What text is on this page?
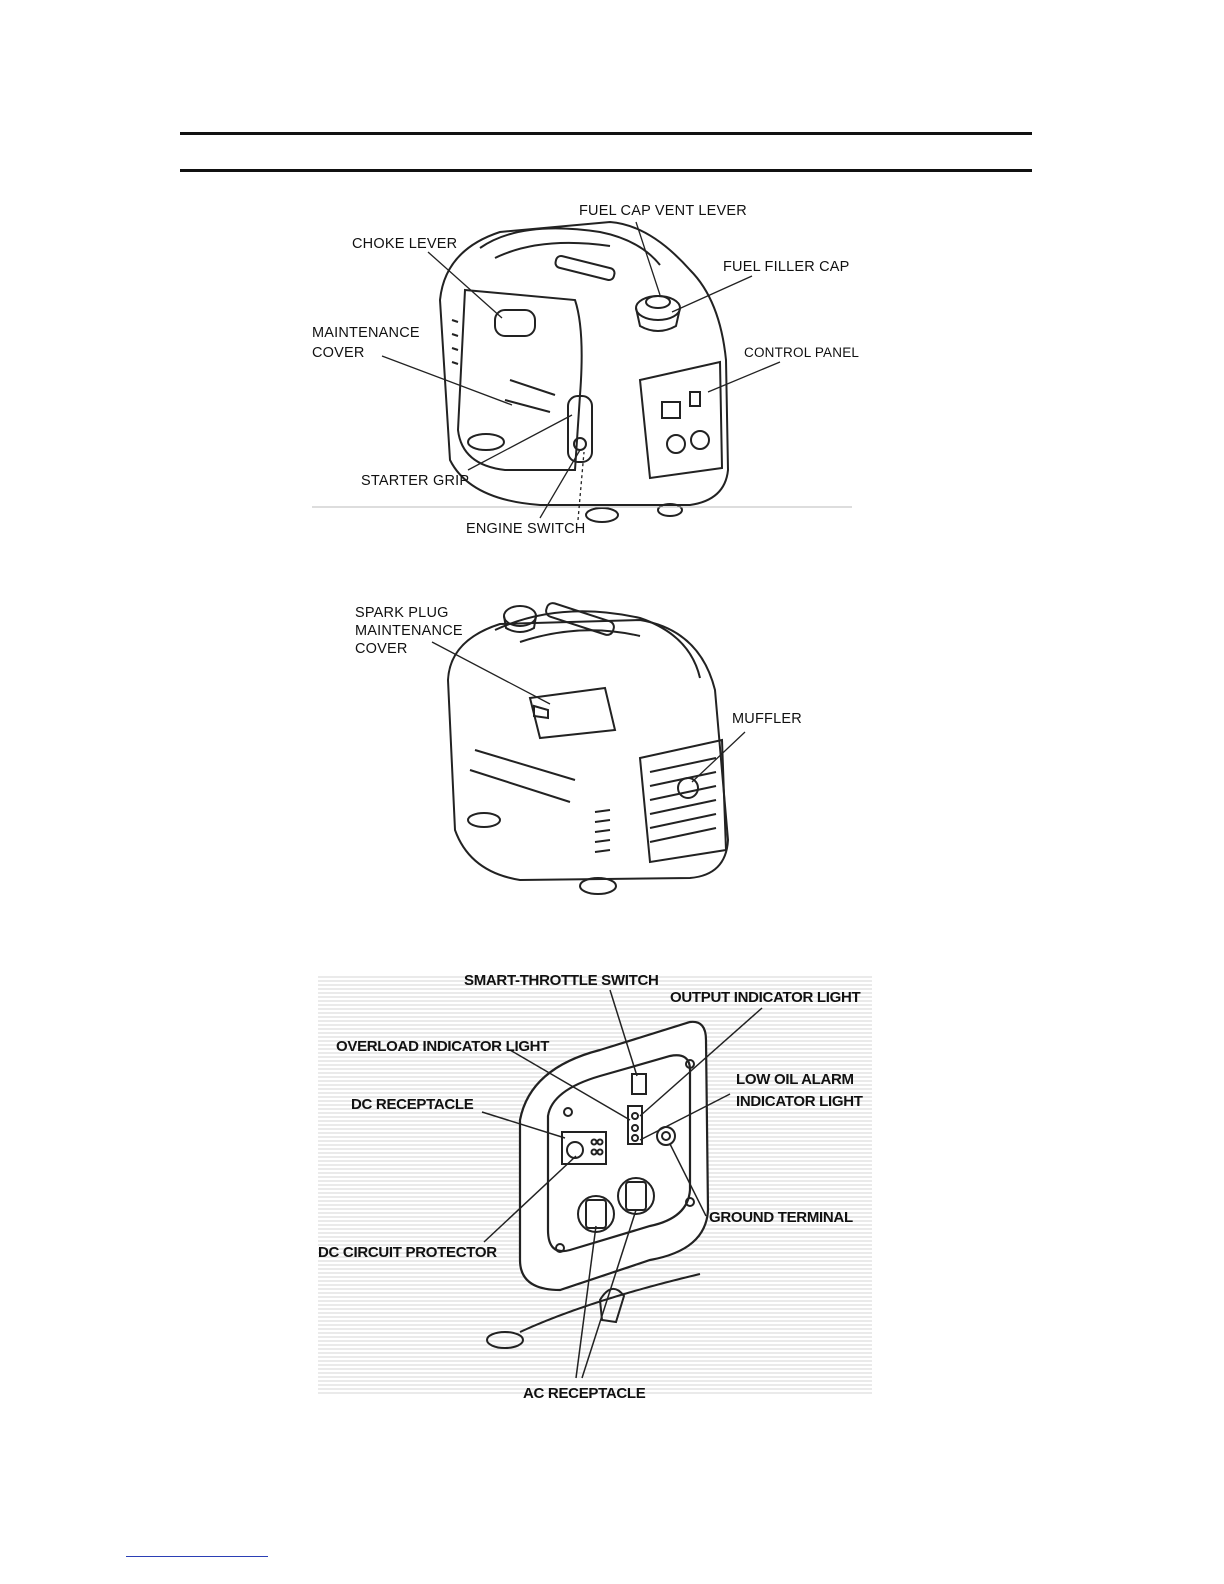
FUEL CAP VENT LEVER
CHOKE LEVER
FUEL FILLER CAP
MAINTENANCE
COVER	CONTROL PANEL
STARTER GRIP
ENGINE SWITCH
SPARK PLUG
MAINTENANCE
COVER
MUFFLER
SMART-THROTTLE SWITCH
OUTPUT INDICATOR LIGHT
OVERLOAD INDICATOR LIGHT
LOW OIL ALARM
INDICATOR LIGHT
DC RECEPTACLE
GROUND TERMINAL
DC CIRCUIT PROTECTOR
AC RECEPTACLE
